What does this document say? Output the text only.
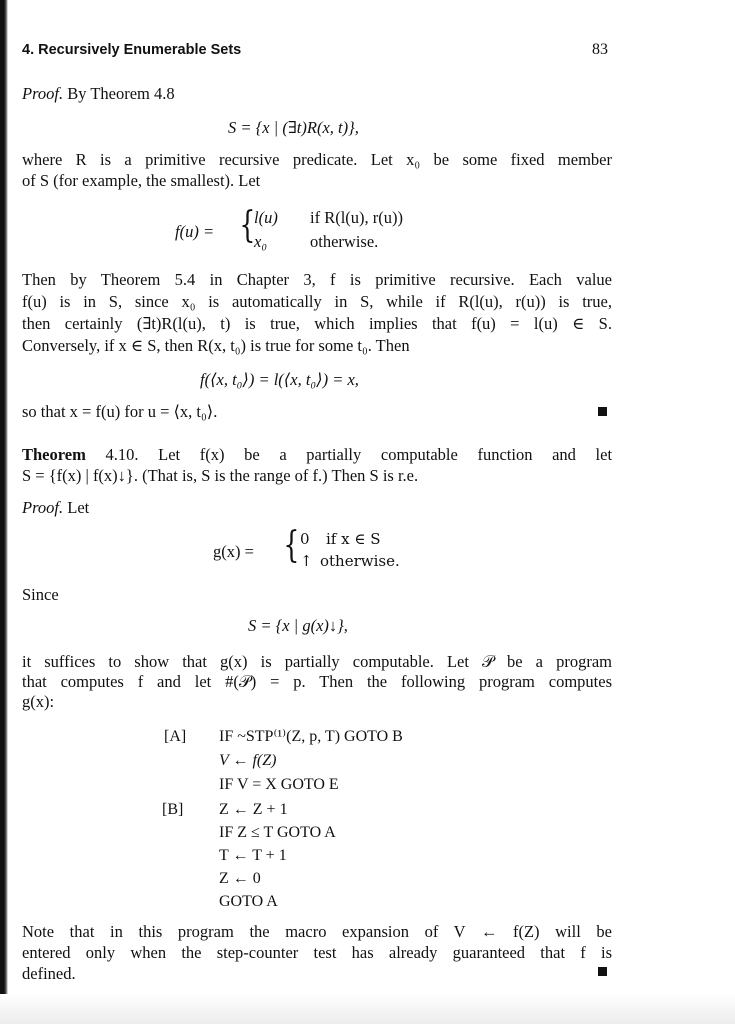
4. Recursively Enumerable Sets	83
Proof. By Theorem 4.8
S = {x | (∃t)R(x, t)},
where R is a primitive recursive predicate. Let x₀ be some fixed member
of S (for example, the smallest). Let
f(u) = {
l(u) if R(l(u), r(u))
x₀	otherwise.
Then by Theorem 5.4 in Chapter 3, f is primitive recursive. Each value
f(u) is in S, since x₀ is automatically in S, while if R(l(u), r(u)) is true,
then certainly (∃t)R(l(u), t) is true, which implies that f(u) = l(u) ∈ S.
Conversely, if x ∈ S, then R(x, t₀) is true for some t₀. Then
f(⟨x, t₀⟩) = l(⟨x, t₀⟩) = x,
so that x = f(u) for u = ⟨x, t₀⟩.
Theorem 4.10. Let f(x) be a partially computable function and let
S = {f(x) | f(x)↓}. (That is, S is the range of f.) Then S is r.e.
Proof. Let
g(x) = { 0 if x ∈ S
↑ otherwise.
Since
S = {x | g(x)↓},
it suffices to show that g(x) is partially computable. Let 𝒫 be a program
that computes f and let #(𝒫) = p. Then the following program computes
g(x):
[A]
[B]
IF ~STP⁽¹⁾(Z, p, T) GOTO B
V ← f(Z)
IF V = X GOTO E
Z ← Z + 1
IF Z ≤ T GOTO A
T ← T + 1
Z ← 0
GOTO A
Note that in this program the macro expansion of V ← f(Z) will be
entered only when the step-counter test has already guaranteed that f is
defined.
